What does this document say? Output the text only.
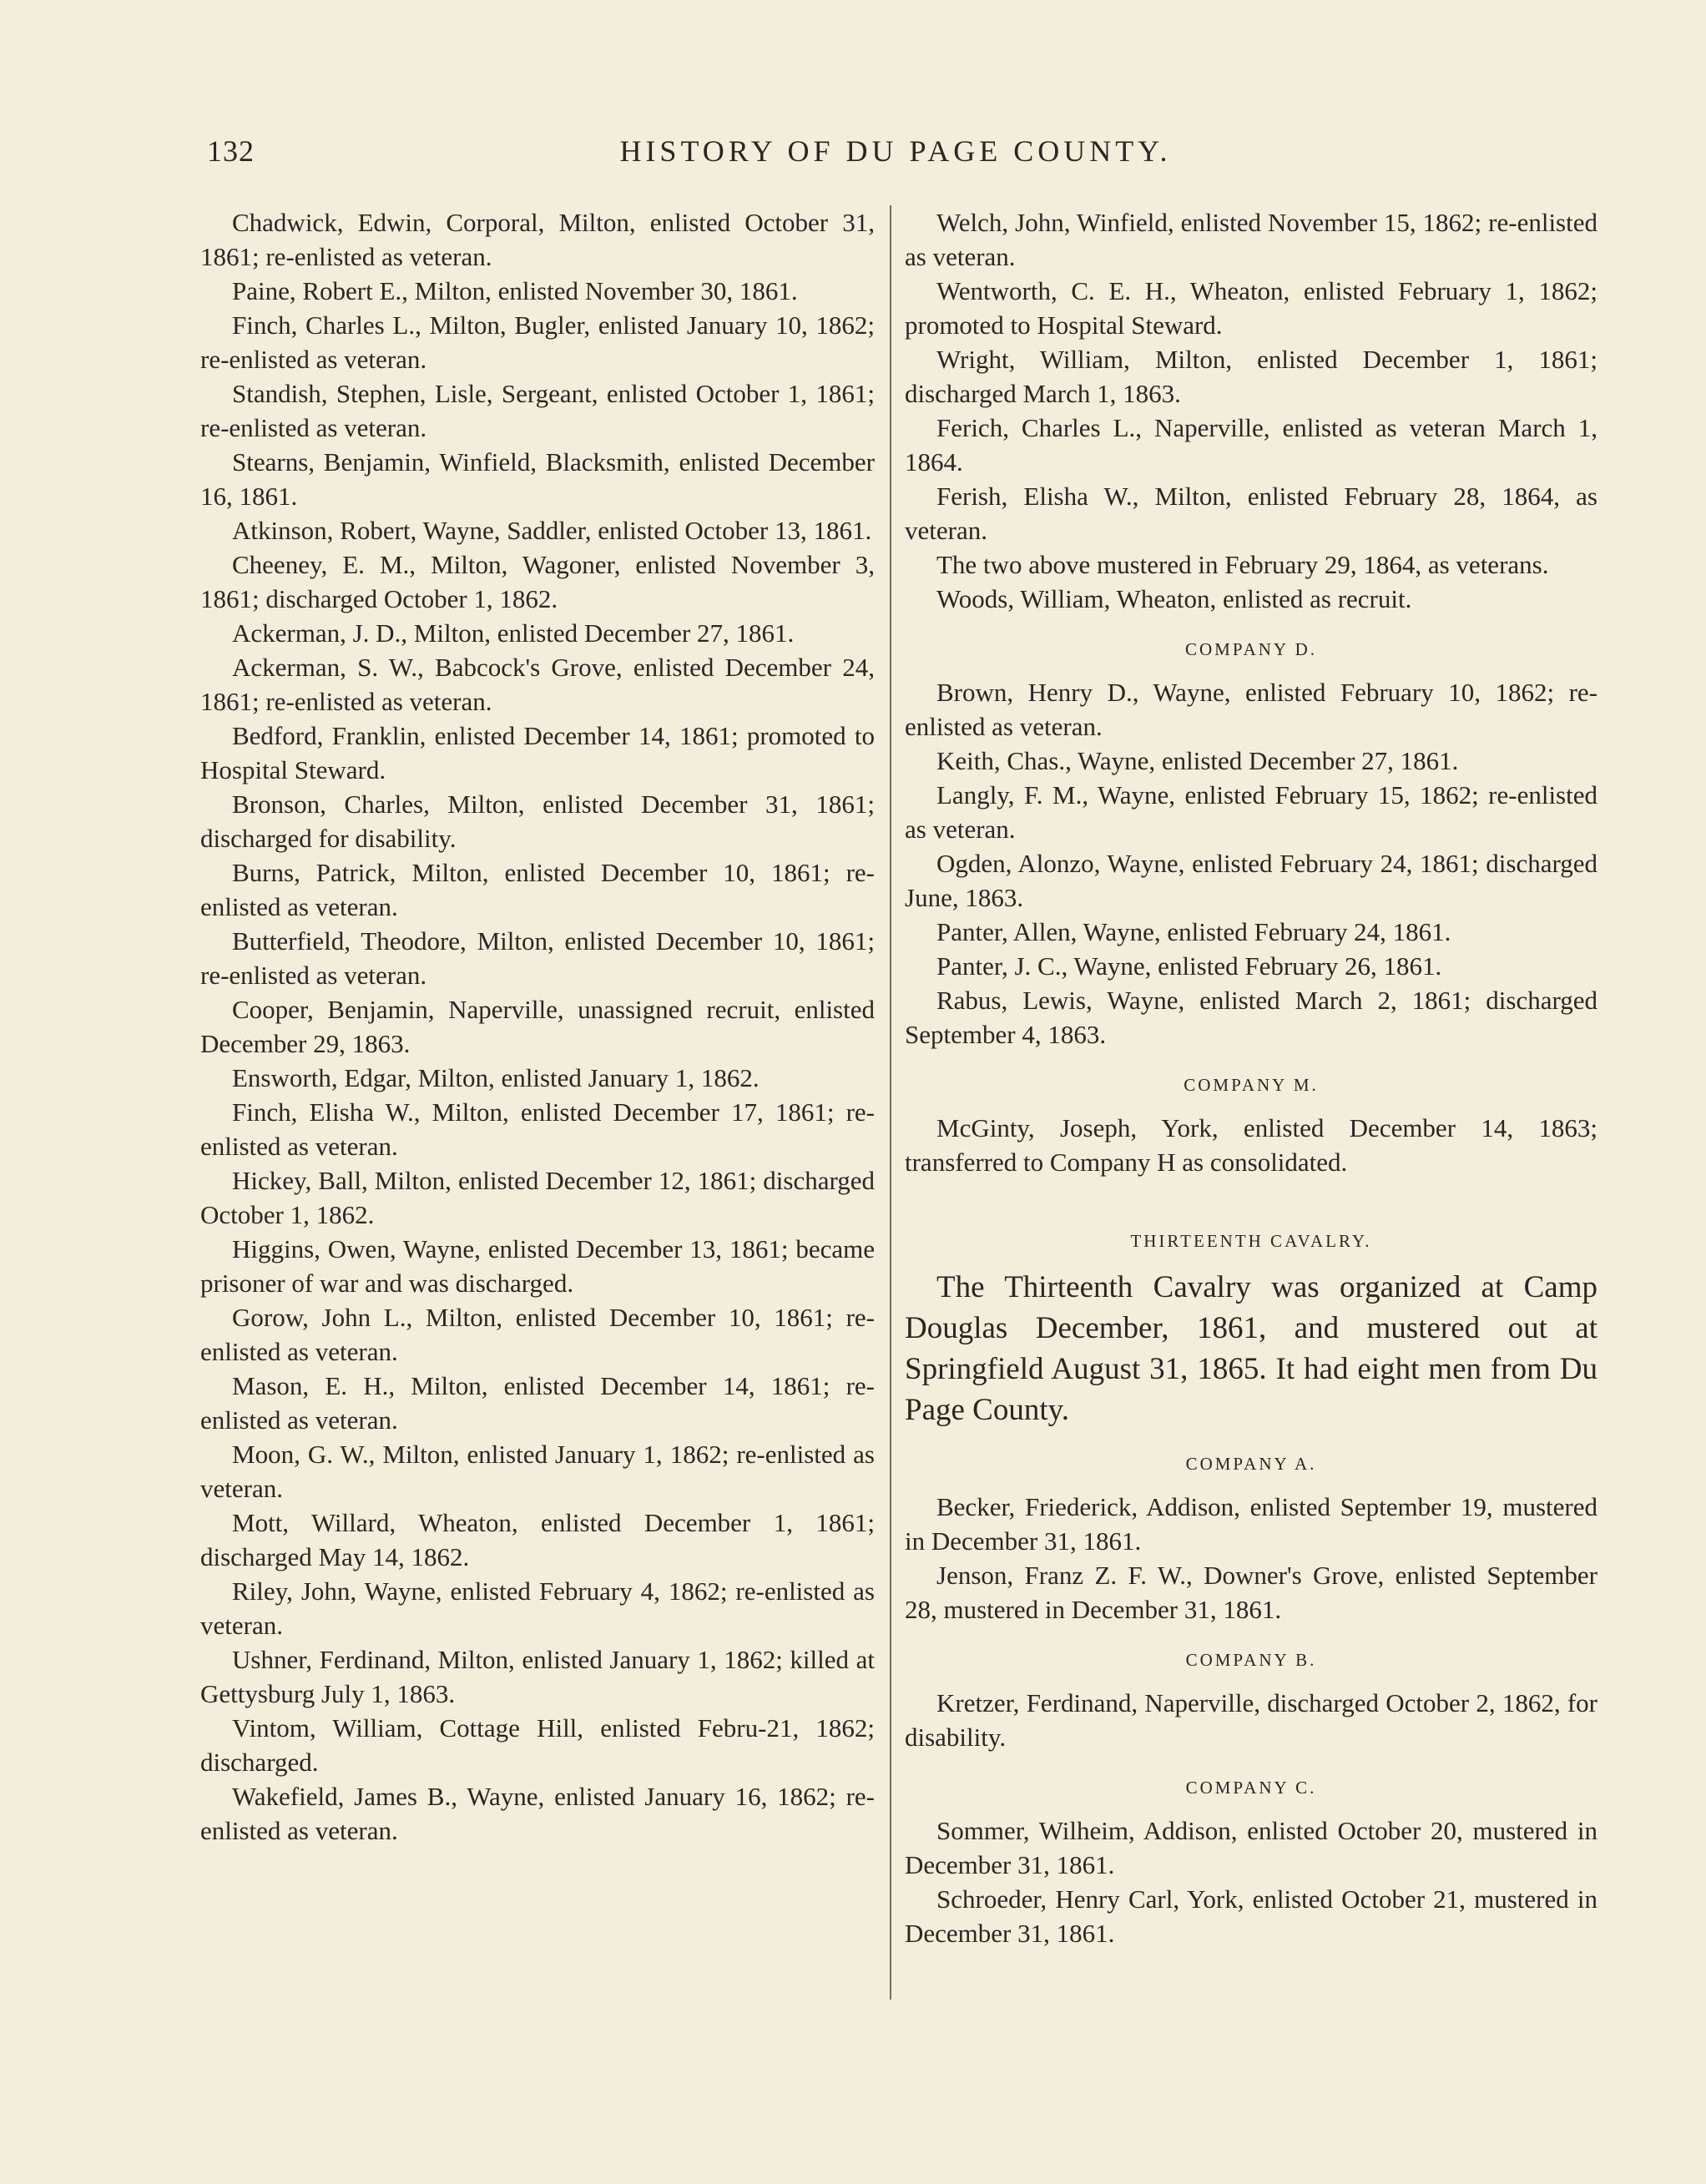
132	HISTORY OF DU PAGE COUNTY.

Chadwick, Edwin, Corporal, Milton, enlisted October 31, 1861; re-enlisted as veteran.

Paine, Robert E., Milton, enlisted November 30, 1861.

Finch, Charles L., Milton, Bugler, enlisted January 10, 1862; re-enlisted as veteran.

Standish, Stephen, Lisle, Sergeant, enlisted October 1, 1861; re-enlisted as veteran.

Stearns, Benjamin, Winfield, Blacksmith, enlisted December 16, 1861.

Atkinson, Robert, Wayne, Saddler, enlisted October 13, 1861.

Cheeney, E. M., Milton, Wagoner, enlisted November 3, 1861; discharged October 1, 1862.

Ackerman, J. D., Milton, enlisted December 27, 1861.

Ackerman, S. W., Babcock's Grove, enlisted December 24, 1861; re-enlisted as veteran.

Bedford, Franklin, enlisted December 14, 1861; promoted to Hospital Steward.

Bronson, Charles, Milton, enlisted December 31, 1861; discharged for disability.

Burns, Patrick, Milton, enlisted December 10, 1861; re-enlisted as veteran.

Butterfield, Theodore, Milton, enlisted December 10, 1861; re-enlisted as veteran.

Cooper, Benjamin, Naperville, unassigned recruit, enlisted December 29, 1863.

Ensworth, Edgar, Milton, enlisted January 1, 1862.

Finch, Elisha W., Milton, enlisted December 17, 1861; re-enlisted as veteran.

Hickey, Ball, Milton, enlisted December 12, 1861; discharged October 1, 1862.

Higgins, Owen, Wayne, enlisted December 13, 1861; became prisoner of war and was discharged.

Gorow, John L., Milton, enlisted December 10, 1861; re-enlisted as veteran.

Mason, E. H., Milton, enlisted December 14, 1861; re-enlisted as veteran.

Moon, G. W., Milton, enlisted January 1, 1862; re-enlisted as veteran.

Mott, Willard, Wheaton, enlisted December 1, 1861; discharged May 14, 1862.

Riley, John, Wayne, enlisted February 4, 1862; re-enlisted as veteran.

Ushner, Ferdinand, Milton, enlisted January 1, 1862; killed at Gettysburg July 1, 1863.

Vintom, William, Cottage Hill, enlisted Febru-21, 1862; discharged.

Wakefield, James B., Wayne, enlisted January 16, 1862; re-enlisted as veteran.

Welch, John, Winfield, enlisted November 15, 1862; re-enlisted as veteran.

Wentworth, C. E. H., Wheaton, enlisted February 1, 1862; promoted to Hospital Steward.

Wright, William, Milton, enlisted December 1, 1861; discharged March 1, 1863.

Ferich, Charles L., Naperville, enlisted as veteran March 1, 1864.

Ferish, Elisha W., Milton, enlisted February 28, 1864, as veteran.

The two above mustered in February 29, 1864, as veterans.

Woods, William, Wheaton, enlisted as recruit.

COMPANY D.

Brown, Henry D., Wayne, enlisted February 10, 1862; re-enlisted as veteran.

Keith, Chas., Wayne, enlisted December 27, 1861.

Langly, F. M., Wayne, enlisted February 15, 1862; re-enlisted as veteran.

Ogden, Alonzo, Wayne, enlisted February 24, 1861; discharged June, 1863.

Panter, Allen, Wayne, enlisted February 24, 1861.

Panter, J. C., Wayne, enlisted February 26, 1861.

Rabus, Lewis, Wayne, enlisted March 2, 1861; discharged September 4, 1863.

COMPANY M.

McGinty, Joseph, York, enlisted December 14, 1863; transferred to Company H as consolidated.

THIRTEENTH CAVALRY.

The Thirteenth Cavalry was organized at Camp Douglas December, 1861, and mustered out at Springfield August 31, 1865. It had eight men from Du Page County.

COMPANY A.

Becker, Friederick, Addison, enlisted September 19, mustered in December 31, 1861.

Jenson, Franz Z. F. W., Downer's Grove, enlisted September 28, mustered in December 31, 1861.

COMPANY B.

Kretzer, Ferdinand, Naperville, discharged October 2, 1862, for disability.

COMPANY C.

Sommer, Wilheim, Addison, enlisted October 20, mustered in December 31, 1861.

Schroeder, Henry Carl, York, enlisted October 21, mustered in December 31, 1861.
